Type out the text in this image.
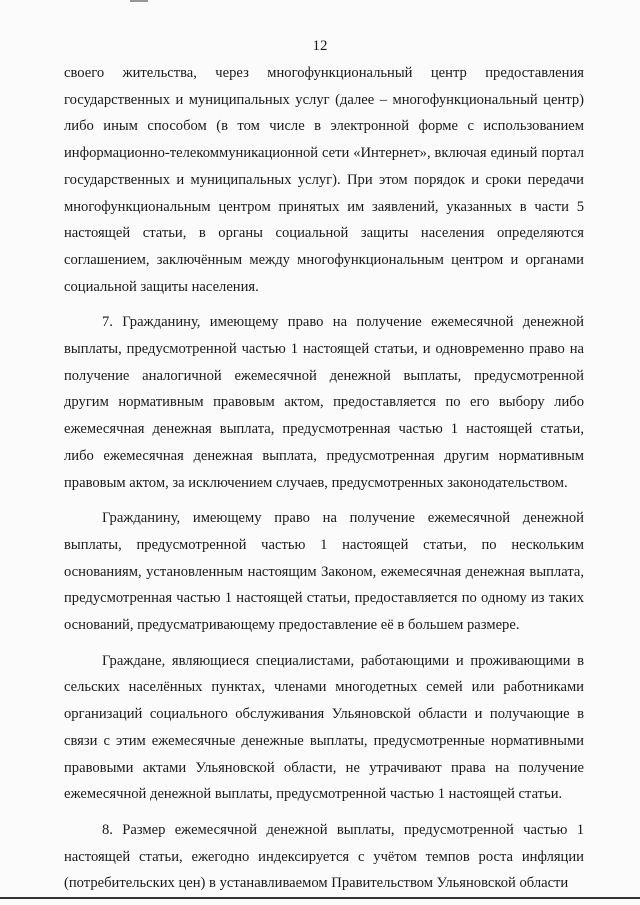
12

своего жительства, через многофункциональный центр предоставления государственных и муниципальных услуг (далее – многофункциональный центр) либо иным способом (в том числе в электронной форме с использованием информационно-телекоммуникационной сети «Интернет», включая единый портал государственных и муниципальных услуг). При этом порядок и сроки передачи многофункциональным центром принятых им заявлений, указанных в части 5 настоящей статьи, в органы социальной защиты населения определяются соглашением, заключённым между многофункциональным центром и органами социальной защиты населения.

7. Гражданину, имеющему право на получение ежемесячной денежной выплаты, предусмотренной частью 1 настоящей статьи, и одновременно право на получение аналогичной ежемесячной денежной выплаты, предусмотренной другим нормативным правовым актом, предоставляется по его выбору либо ежемесячная денежная выплата, предусмотренная частью 1 настоящей статьи, либо ежемесячная денежная выплата, предусмотренная другим нормативным правовым актом, за исключением случаев, предусмотренных законодательством.

Гражданину, имеющему право на получение ежемесячной денежной выплаты, предусмотренной частью 1 настоящей статьи, по нескольким основаниям, установленным настоящим Законом, ежемесячная денежная выплата, предусмотренная частью 1 настоящей статьи, предоставляется по одному из таких оснований, предусматривающему предоставление её в большем размере.

Граждане, являющиеся специалистами, работающими и проживающими в сельских населённых пунктах, членами многодетных семей или работниками организаций социального обслуживания Ульяновской области и получающие в связи с этим ежемесячные денежные выплаты, предусмотренные нормативными правовыми актами Ульяновской области, не утрачивают права на получение ежемесячной денежной выплаты, предусмотренной частью 1 настоящей статьи.

8. Размер ежемесячной денежной выплаты, предусмотренной частью 1 настоящей статьи, ежегодно индексируется с учётом темпов роста инфляции (потребительских цен) в устанавливаемом Правительством Ульяновской области
